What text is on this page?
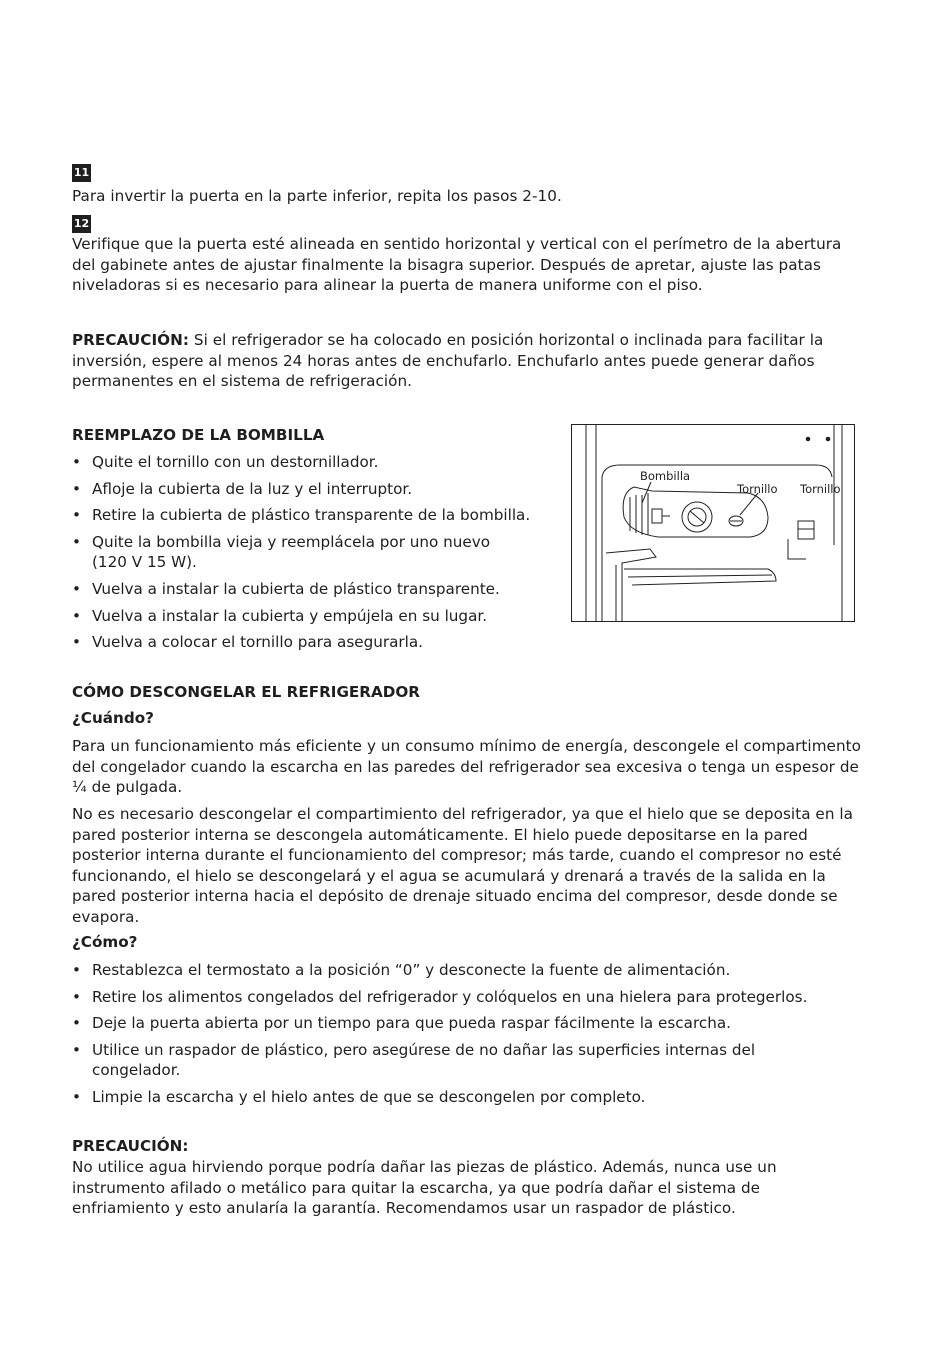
11

Para invertir la puerta en la parte inferior, repita los pasos 2-10.

12

Verifique que la puerta esté alineada en sentido horizontal y vertical con el perímetro de la abertura del gabinete antes de ajustar finalmente la bisagra superior. Después de apretar, ajuste las patas niveladoras si es necesario para alinear la puerta de manera uniforme con el piso.

PRECAUCIÓN: Si el refrigerador se ha colocado en posición horizontal o inclinada para facilitar la inversión, espere al menos 24 horas antes de enchufarlo. Enchufarlo antes puede generar daños permanentes en el sistema de refrigeración.

REEMPLAZO DE LA BOMBILLA

• Quite el tornillo con un destornillador.
• Afloje la cubierta de la luz y el interruptor.
• Retire la cubierta de plástico transparente de la bombilla.
• Quite la bombilla vieja y reemplácela por uno nuevo (120 V 15 W).
• Vuelva a instalar la cubierta de plástico transparente.
• Vuelva a instalar la cubierta y empújela en su lugar.
• Vuelva a colocar el tornillo para asegurarla.

CÓMO DESCONGELAR EL REFRIGERADOR

¿Cuándo?

Para un funcionamiento más eficiente y un consumo mínimo de energía, descongele el compartimento del congelador cuando la escarcha en las paredes del refrigerador sea excesiva o tenga un espesor de ¼ de pulgada.

No es necesario descongelar el compartimiento del refrigerador, ya que el hielo que se deposita en la pared posterior interna se descongela automáticamente. El hielo puede depositarse en la pared posterior interna durante el funcionamiento del compresor; más tarde, cuando el compresor no esté funcionando, el hielo se descongelará y el agua se acumulará y drenará a través de la salida en la pared posterior interna hacia el depósito de drenaje situado encima del compresor, desde donde se evapora.

¿Cómo?

• Restablezca el termostato a la posición “0” y desconecte la fuente de alimentación.
• Retire los alimentos congelados del refrigerador y colóquelos en una hielera para protegerlos.
• Deje la puerta abierta por un tiempo para que pueda raspar fácilmente la escarcha.
• Utilice un raspador de plástico, pero asegúrese de no dañar las superficies internas del congelador.
• Limpie la escarcha y el hielo antes de que se descongelen por completo.

PRECAUCIÓN:

No utilice agua hirviendo porque podría dañar las piezas de plástico. Además, nunca use un instrumento afilado o metálico para quitar la escarcha, ya que podría dañar el sistema de enfriamiento y esto anularía la garantía. Recomendamos usar un raspador de plástico.

Bombilla
Tornillo Tornillo
